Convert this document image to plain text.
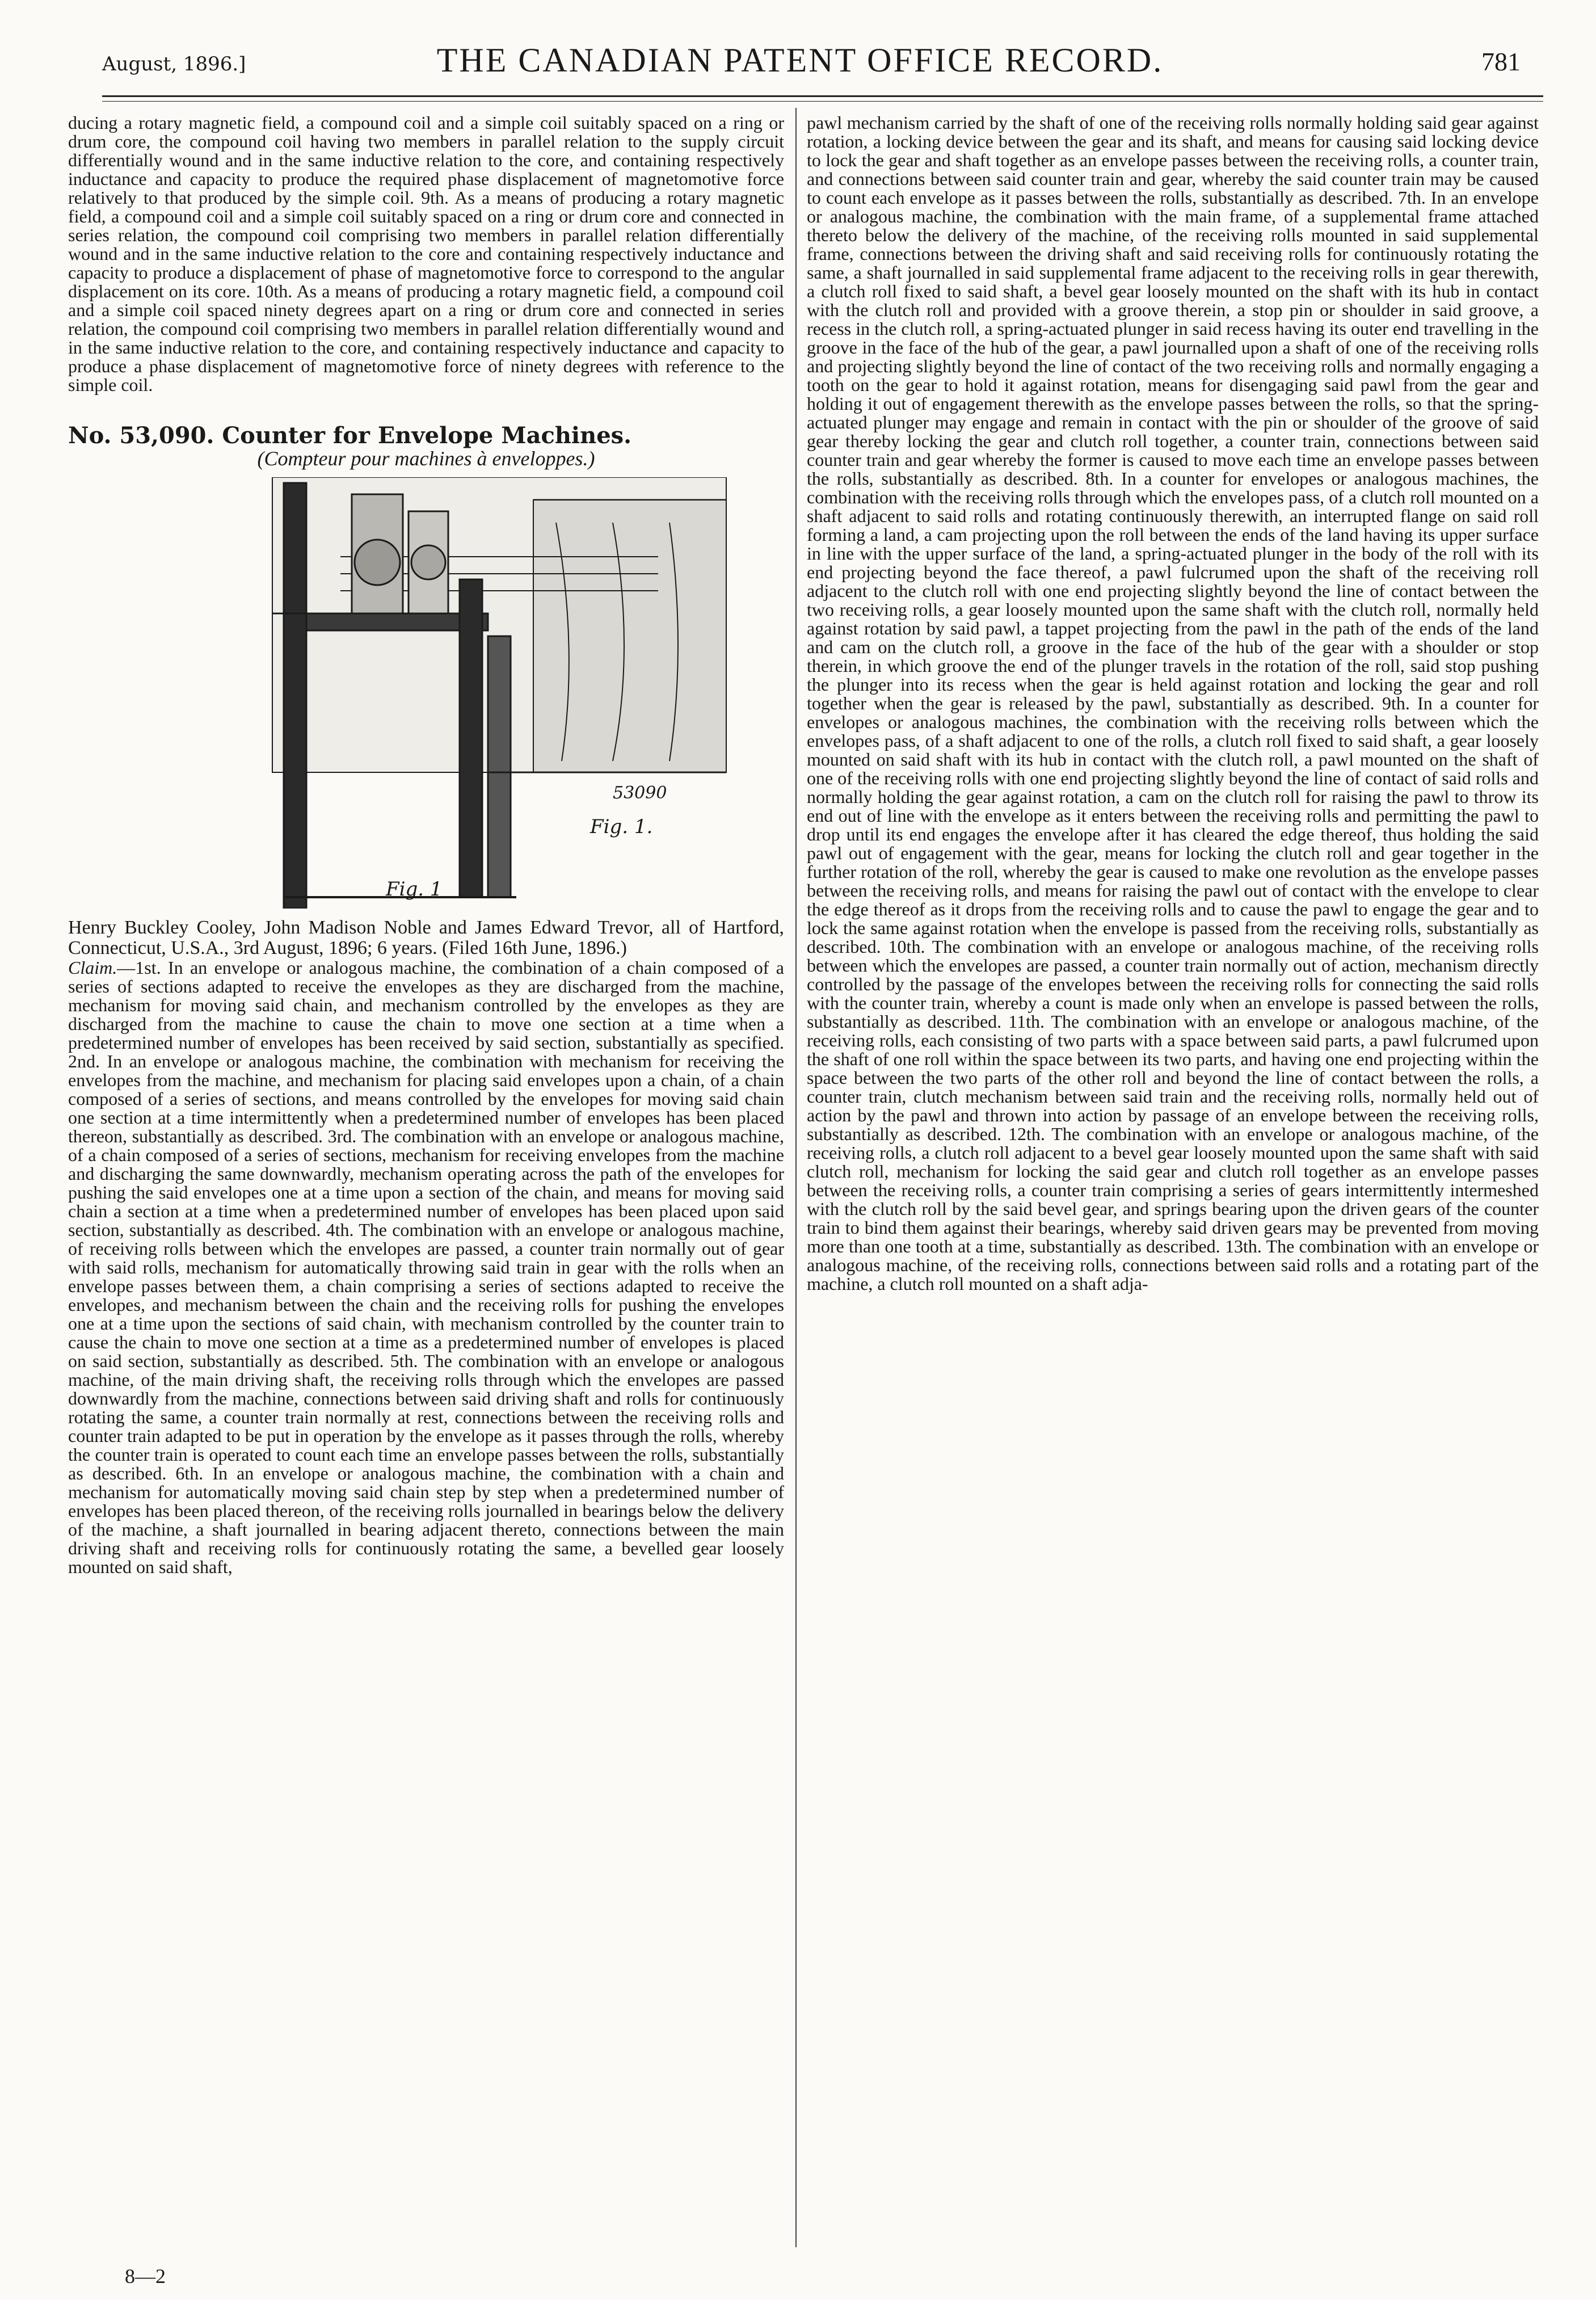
August, 1896.]	THE CANADIAN PATENT OFFICE RECORD.	781

ducing a rotary magnetic field, a compound coil and a simple coil suitably spaced on a ring or drum core, the compound coil having two members in parallel relation to the supply circuit differentially wound and in the same inductive relation to the core, and containing respectively inductance and capacity to produce the required phase displacement of magnetomotive force relatively to that produced by the simple coil. 9th. As a means of producing a rotary magnetic field, a compound coil and a simple coil suitably spaced on a ring or drum core and connected in series relation, the compound coil comprising two members in parallel relation differentially wound and in the same inductive relation to the core and containing respectively inductance and capacity to produce a displacement of phase of magnetomotive force to correspond to the angular displacement on its core. 10th. As a means of producing a rotary magnetic field, a compound coil and a simple coil spaced ninety degrees apart on a ring or drum core and connected in series relation, the compound coil comprising two members in parallel relation differentially wound and in the same inductive relation to the core, and containing respectively inductance and capacity to produce a phase displacement of magnetomotive force of ninety degrees with reference to the simple coil.

No. 53,090. Counter for Envelope Machines.

(Compteur pour machines à enveloppes.)

53090
Fig. 1.
Fig. 1

Henry Buckley Cooley, John Madison Noble and James Edward Trevor, all of Hartford, Connecticut, U.S.A., 3rd August, 1896; 6 years. (Filed 16th June, 1896.)

Claim.—1st. In an envelope or analogous machine, the combination of a chain composed of a series of sections adapted to receive the envelopes as they are discharged from the machine, mechanism for moving said chain, and mechanism controlled by the envelopes as they are discharged from the machine to cause the chain to move one section at a time when a predetermined number of envelopes has been received by said section, substantially as specified. 2nd. In an envelope or analogous machine, the combination with mechanism for receiving the envelopes from the machine, and mechanism for placing said envelopes upon a chain, of a chain composed of a series of sections, and means controlled by the envelopes for moving said chain one section at a time intermittently when a predetermined number of envelopes has been placed thereon, substantially as described. 3rd. The combination with an envelope or analogous machine, of a chain composed of a series of sections, mechanism for receiving envelopes from the machine and discharging the same downwardly, mechanism operating across the path of the envelopes for pushing the said envelopes one at a time upon a section of the chain, and means for moving said chain a section at a time when a predetermined number of envelopes has been placed upon said section, substantially as described. 4th. The combination with an envelope or analogous machine, of receiving rolls between which the envelopes are passed, a counter train normally out of gear with said rolls, mechanism for automatically throwing said train in gear with the rolls when an envelope passes between them, a chain comprising a series of sections adapted to receive the envelopes, and mechanism between the chain and the receiving rolls for pushing the envelopes one at a time upon the sections of said chain, with mechanism controlled by the counter train to cause the chain to move one section at a time as a predetermined number of envelopes is placed on said section, substantially as described. 5th. The combination with an envelope or analogous machine, of the main driving shaft, the receiving rolls through which the envelopes are passed downwardly from the machine, connections between said driving shaft and rolls for continuously rotating the same, a counter train normally at rest, connections between the receiving rolls and counter train adapted to be put in operation by the envelope as it passes through the rolls, whereby the counter train is operated to count each time an envelope passes between the rolls, substantially as described. 6th. In an envelope or analogous machine, the combination with a chain and mechanism for automatically moving said chain step by step when a predetermined number of envelopes has been placed thereon, of the receiving rolls journalled in bearings below the delivery of the machine, a shaft journalled in bearing adjacent thereto, connections between the main driving shaft and receiving rolls for continuously rotating the same, a bevelled gear loosely mounted on said shaft,

pawl mechanism carried by the shaft of one of the receiving rolls normally holding said gear against rotation, a locking device between the gear and its shaft, and means for causing said locking device to lock the gear and shaft together as an envelope passes between the receiving rolls, a counter train, and connections between said counter train and gear, whereby the said counter train may be caused to count each envelope as it passes between the rolls, substantially as described. 7th. In an envelope or analogous machine, the combination with the main frame, of a supplemental frame attached thereto below the delivery of the machine, of the receiving rolls mounted in said supplemental frame, connections between the driving shaft and said receiving rolls for continuously rotating the same, a shaft journalled in said supplemental frame adjacent to the receiving rolls in gear therewith, a clutch roll fixed to said shaft, a bevel gear loosely mounted on the shaft with its hub in contact with the clutch roll and provided with a groove therein, a stop pin or shoulder in said groove, a recess in the clutch roll, a spring-actuated plunger in said recess having its outer end travelling in the groove in the face of the hub of the gear, a pawl journalled upon a shaft of one of the receiving rolls and projecting slightly beyond the line of contact of the two receiving rolls and normally engaging a tooth on the gear to hold it against rotation, means for disengaging said pawl from the gear and holding it out of engagement therewith as the envelope passes between the rolls, so that the spring-actuated plunger may engage and remain in contact with the pin or shoulder of the groove of said gear thereby locking the gear and clutch roll together, a counter train, connections between said counter train and gear whereby the former is caused to move each time an envelope passes between the rolls, substantially as described. 8th. In a counter for envelopes or analogous machines, the combination with the receiving rolls through which the envelopes pass, of a clutch roll mounted on a shaft adjacent to said rolls and rotating continuously therewith, an interrupted flange on said roll forming a land, a cam projecting upon the roll between the ends of the land having its upper surface in line with the upper surface of the land, a spring-actuated plunger in the body of the roll with its end projecting beyond the face thereof, a pawl fulcrumed upon the shaft of the receiving roll adjacent to the clutch roll with one end projecting slightly beyond the line of contact between the two receiving rolls, a gear loosely mounted upon the same shaft with the clutch roll, normally held against rotation by said pawl, a tappet projecting from the pawl in the path of the ends of the land and cam on the clutch roll, a groove in the face of the hub of the gear with a shoulder or stop therein, in which groove the end of the plunger travels in the rotation of the roll, said stop pushing the plunger into its recess when the gear is held against rotation and locking the gear and roll together when the gear is released by the pawl, substantially as described. 9th. In a counter for envelopes or analogous machines, the combination with the receiving rolls between which the envelopes pass, of a shaft adjacent to one of the rolls, a clutch roll fixed to said shaft, a gear loosely mounted on said shaft with its hub in contact with the clutch roll, a pawl mounted on the shaft of one of the receiving rolls with one end projecting slightly beyond the line of contact of said rolls and normally holding the gear against rotation, a cam on the clutch roll for raising the pawl to throw its end out of line with the envelope as it enters between the receiving rolls and permitting the pawl to drop until its end engages the envelope after it has cleared the edge thereof, thus holding the said pawl out of engagement with the gear, means for locking the clutch roll and gear together in the further rotation of the roll, whereby the gear is caused to make one revolution as the envelope passes between the receiving rolls, and means for raising the pawl out of contact with the envelope to clear the edge thereof as it drops from the receiving rolls and to cause the pawl to engage the gear and to lock the same against rotation when the envelope is passed from the receiving rolls, substantially as described. 10th. The combination with an envelope or analogous machine, of the receiving rolls between which the envelopes are passed, a counter train normally out of action, mechanism directly controlled by the passage of the envelopes between the receiving rolls for connecting the said rolls with the counter train, whereby a count is made only when an envelope is passed between the rolls, substantially as described. 11th. The combination with an envelope or analogous machine, of the receiving rolls, each consisting of two parts with a space between said parts, a pawl fulcrumed upon the shaft of one roll within the space between its two parts, and having one end projecting within the space between the two parts of the other roll and beyond the line of contact between the rolls, a counter train, clutch mechanism between said train and the receiving rolls, normally held out of action by the pawl and thrown into action by passage of an envelope between the receiving rolls, substantially as described. 12th. The combination with an envelope or analogous machine, of the receiving rolls, a clutch roll adjacent to a bevel gear loosely mounted upon the same shaft with said clutch roll, mechanism for locking the said gear and clutch roll together as an envelope passes between the receiving rolls, a counter train comprising a series of gears intermittently intermeshed with the clutch roll by the said bevel gear, and springs bearing upon the driven gears of the counter train to bind them against their bearings, whereby said driven gears may be prevented from moving more than one tooth at a time, substantially as described. 13th. The combination with an envelope or analogous machine, of the receiving rolls, connections between said rolls and a rotating part of the machine, a clutch roll mounted on a shaft adja-

8—2
